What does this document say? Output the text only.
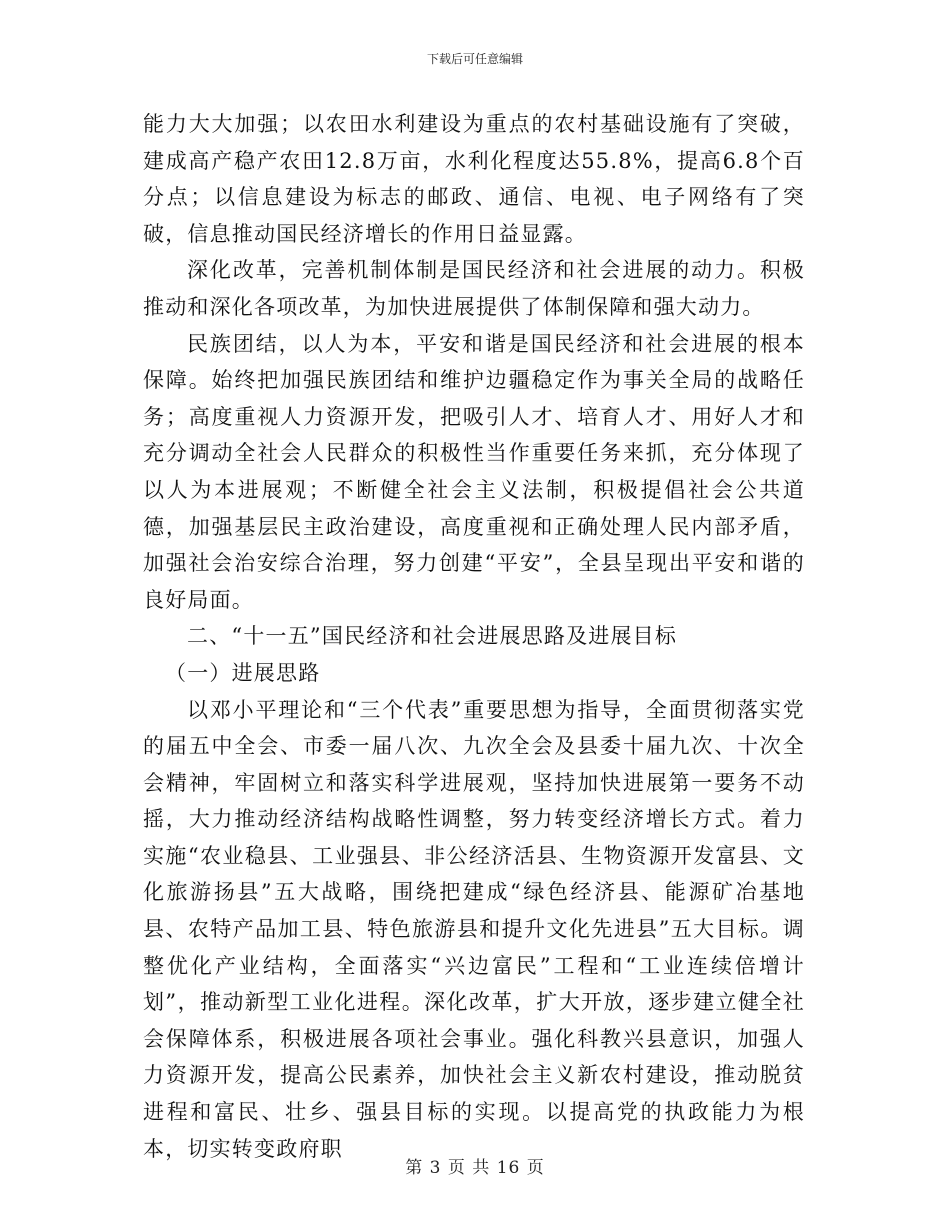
下载后可任意编辑

能力大大加强；以农田水利建设为重点的农村基础设施有了突破，建成高产稳产农田12.8万亩，水利化程度达55.8%，提高6.8个百分点；以信息建设为标志的邮政、通信、电视、电子网络有了突破，信息推动国民经济增长的作用日益显露。

深化改革，完善机制体制是国民经济和社会进展的动力。积极推动和深化各项改革，为加快进展提供了体制保障和强大动力。

民族团结，以人为本，平安和谐是国民经济和社会进展的根本保障。始终把加强民族团结和维护边疆稳定作为事关全局的战略任务；高度重视人力资源开发，把吸引人才、培育人才、用好人才和充分调动全社会人民群众的积极性当作重要任务来抓，充分体现了以人为本进展观；不断健全社会主义法制，积极提倡社会公共道德，加强基层民主政治建设，高度重视和正确处理人民内部矛盾，加强社会治安综合治理，努力创建“平安”，全县呈现出平安和谐的良好局面。

二、“十一五”国民经济和社会进展思路及进展目标

（一）进展思路

以邓小平理论和“三个代表”重要思想为指导，全面贯彻落实党的届五中全会、市委一届八次、九次全会及县委十届九次、十次全会精神，牢固树立和落实科学进展观，坚持加快进展第一要务不动摇，大力推动经济结构战略性调整，努力转变经济增长方式。着力实施“农业稳县、工业强县、非公经济活县、生物资源开发富县、文化旅游扬县”五大战略，围绕把建成“绿色经济县、能源矿冶基地县、农特产品加工县、特色旅游县和提升文化先进县”五大目标。调整优化产业结构，全面落实“兴边富民”工程和“工业连续倍增计划”，推动新型工业化进程。深化改革，扩大开放，逐步建立健全社会保障体系，积极进展各项社会事业。强化科教兴县意识，加强人力资源开发，提高公民素养，加快社会主义新农村建设，推动脱贫进程和富民、壮乡、强县目标的实现。以提高党的执政能力为根本，切实转变政府职

第 3 页 共 16 页
